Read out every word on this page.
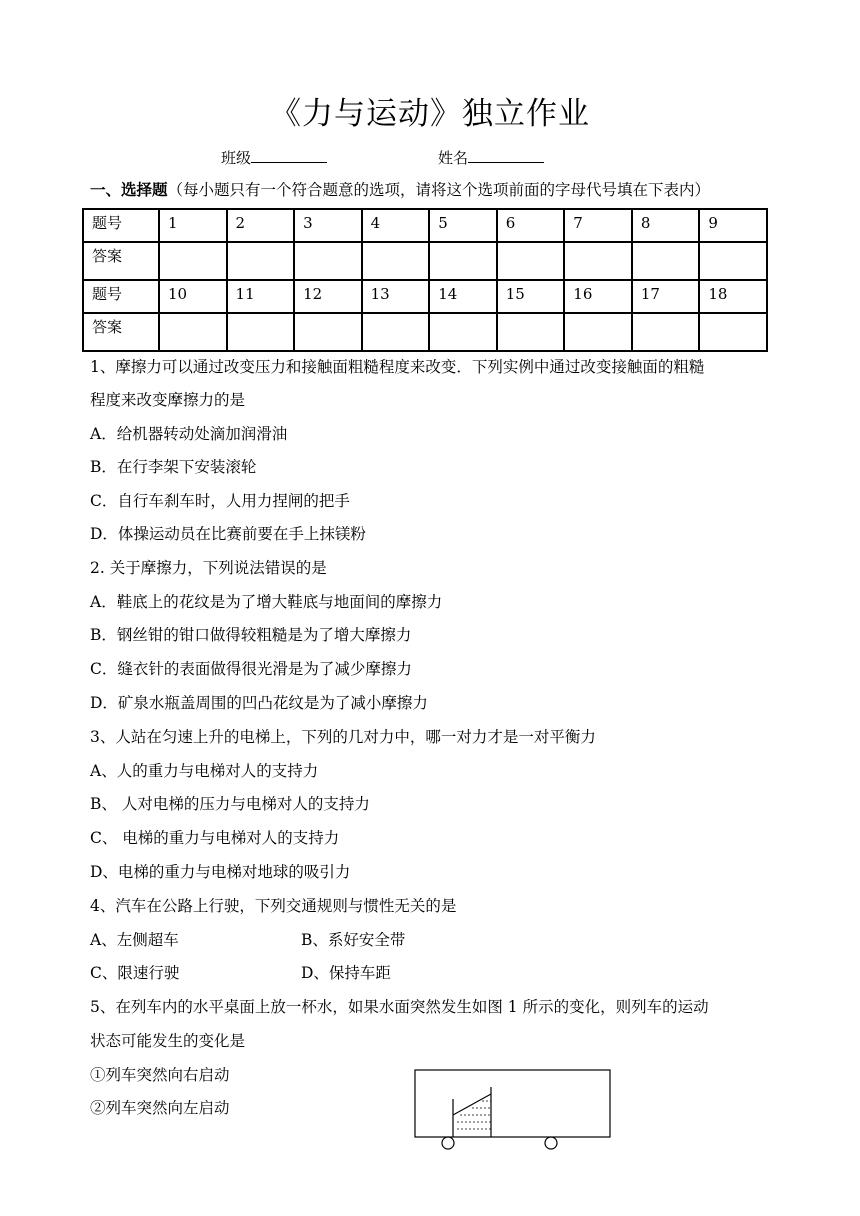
《力与运动》独立作业
班级	姓名
一、选择题（每小题只有一个符合题意的选项，请将这个选项前面的字母代号填在下表内）
题号	1	2	3	4	5	6	7	8	9
答案									
题号	10	11	12	13	14	15	16	17	18
答案									
1、摩擦力可以通过改变压力和接触面粗糙程度来改变．下列实例中通过改变接触面的粗糙
程度来改变摩擦力的是
A．给机器转动处滴加润滑油
B．在行李架下安装滚轮
C．自行车刹车时，人用力捏闸的把手
D．体操运动员在比赛前要在手上抹镁粉
2. 关于摩擦力，下列说法错误的是
A．鞋底上的花纹是为了增大鞋底与地面间的摩擦力
B．钢丝钳的钳口做得较粗糙是为了增大摩擦力
C．缝衣针的表面做得很光滑是为了减少摩擦力
D．矿泉水瓶盖周围的凹凸花纹是为了减小摩擦力
3、人站在匀速上升的电梯上，下列的几对力中，哪一对力才是一对平衡力
A、人的重力与电梯对人的支持力
B、 人对电梯的压力与电梯对人的支持力
C、 电梯的重力与电梯对人的支持力
D、电梯的重力与电梯对地球的吸引力
4、汽车在公路上行驶，下列交通规则与惯性无关的是
A、左侧超车	B、系好安全带
C、限速行驶	D、保持车距
5、在列车内的水平桌面上放一杯水，如果水面突然发生如图 1 所示的变化，则列车的运动
状态可能发生的变化是
①列车突然向右启动
②列车突然向左启动
